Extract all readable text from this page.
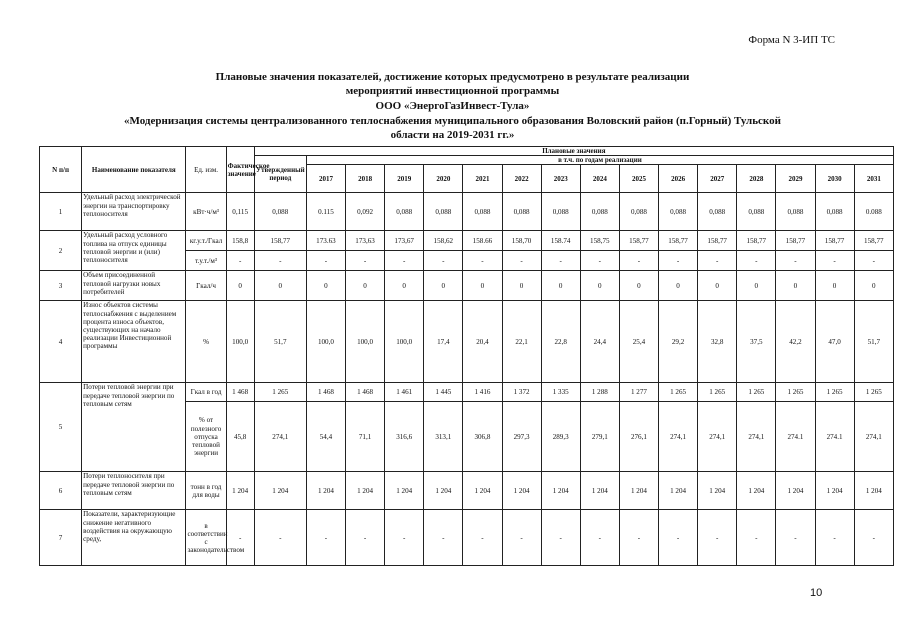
Форма N 3-ИП ТС
Плановые значения показателей, достижение которых предусмотрено в результате реализации
мероприятий инвестиционной программы
ООО «ЭнергоГазИнвест-Тула»
«Модернизация системы централизованного теплоснабжения муниципального образования Воловский район (п.Горный) Тульской
области на 2019-2031 гг.»
N п/п	Наименование показателя	Ед. изм.	Фактическое значение	Плановые значения															
				Утвержденный период	в т.ч. по годам реализации														
					2017	2018	2019	2020	2021	2022	2023	2024	2025	2026	2027	2028	2029	2030	2031
1	Удельный расход электрической энергии на транспортировку теплоносителя	кВт·ч/м³	0,115	0,088	0.115	0,092	0,088	0,088	0,088	0,088	0,088	0,088	0,088	0,088	0,088	0,088	0,088	0,088	0.088
2	Удельный расход условного топлива на отпуск единицы тепловой энергии и (или) теплоносителя	кг.у.т./Гкал	158,8	158,77	173.63	173,63	173,67	158,62	158.66	158,70	158.74	158,75	158,77	158,77	158,77	158,77	158,77	158,77	158,77
		т.у.т./м³	-	-	-	-	-	-	-	-	-	-	-	-	-	-	-	-	-
3	Объем присоединенной тепловой нагрузки новых потребителей	Гкал/ч	0	0	0	0	0	0	0	0	0	0	0	0	0	0	0	0	0
4	Износ объектов системы теплоснабжения с выделением процента износа объектов, существующих на начало реализации Инвестиционной программы	%	100,0	51,7	100,0	100,0	100,0	17,4	20,4	22,1	22,8	24,4	25,4	29,2	32,8	37,5	42,2	47,0	51,7
5	Потери тепловой энергии при передаче тепловой энергии по тепловым сетям	Гкал в год	1 468	1 265	1 468	1 468	1 461	1 445	1 416	1 372	1 335	1 288	1 277	1 265	1 265	1 265	1 265	1 265	1 265
		% от полезного отпуска тепловой энергии	45,8	274,1	54,4	71,1	316,6	313,1	306,8	297,3	289,3	279,1	276,1	274,1	274,1	274,1	274.1	274.1	274,1
6	Потери теплоносителя при передаче тепловой энергии по тепловым сетям	тонн в год для воды	1 204	1 204	1 204	1 204	1 204	1 204	1 204	1 204	1 204	1 204	1 204	1 204	1 204	1 204	1 204	1 204	1 204
7	Показатели, характеризующие снижение негативного воздействия на окружающую среду,	в соответствии с законодательством	-	-	-	-	-	-	-	-	-	-	-	-	-	-	-	-	-
10
